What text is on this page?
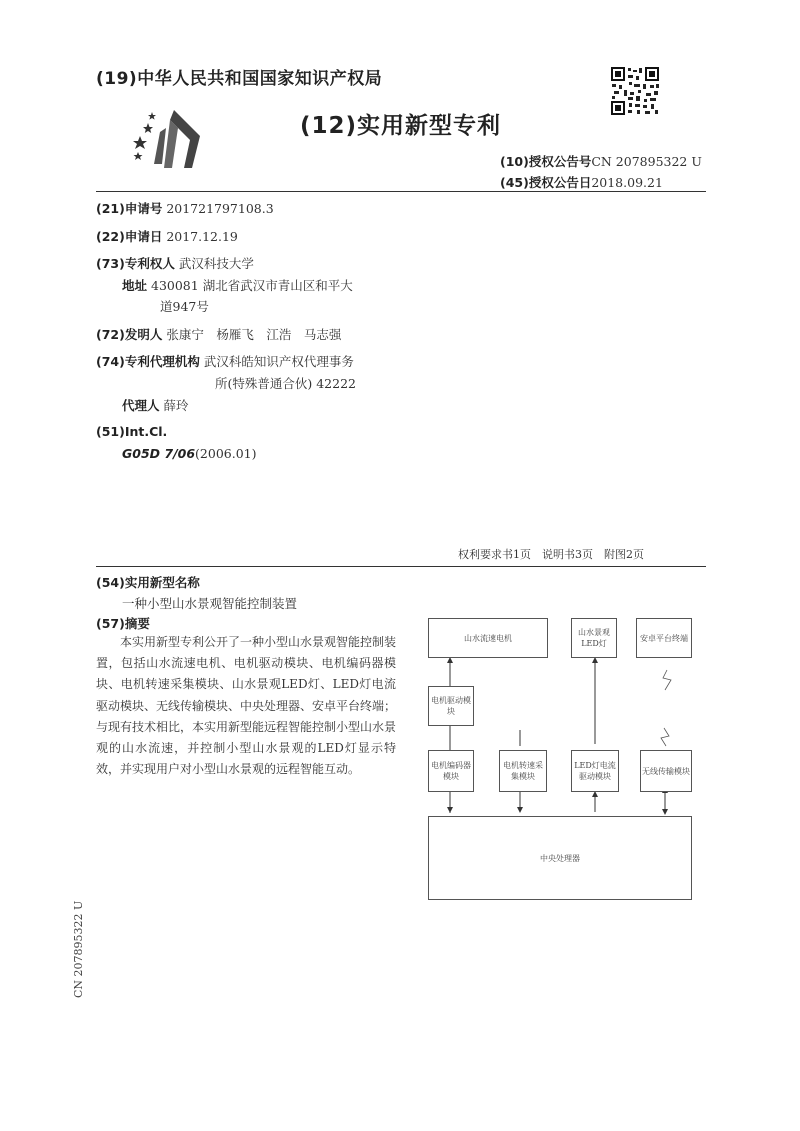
(19)中华人民共和国国家知识产权局
(12)实用新型专利
(10)授权公告号CN 207895322 U
(45)授权公告日2018.09.21
(21)申请号 201721797108.3
(22)申请日 2017.12.19
(73)专利权人 武汉科技大学
地址 430081 湖北省武汉市青山区和平大
道947号
(72)发明人 张康宁　杨雁飞　江浩　马志强
(74)专利代理机构 武汉科皓知识产权代理事务
所(特殊普通合伙) 42222
代理人 薛玲
(51)Int.Cl.
G05D 7/06(2006.01)
权利要求书1页　说明书3页　附图2页
(54)实用新型名称
一种小型山水景观智能控制装置
(57)摘要
本实用新型专利公开了一种小型山水景观智能控制装置，包括山水流速电机、电机驱动模块、电机编码器模块、电机转速采集模块、山水景观LED灯、LED灯电流驱动模块、无线传输模块、中央处理器、安卓平台终端；与现有技术相比，本实用新型能远程智能控制小型山水景观的山水流速，并控制小型山水景观的LED灯显示特效，并实现用户对小型山水景观的远程智能互动。
山水流速电机
山水景观LED灯
安卓平台终端
电机驱动模块
电机编码器模块
电机转速采集模块
LED灯电流驱动模块
无线传输模块
中央处理器
CN 207895322 U
